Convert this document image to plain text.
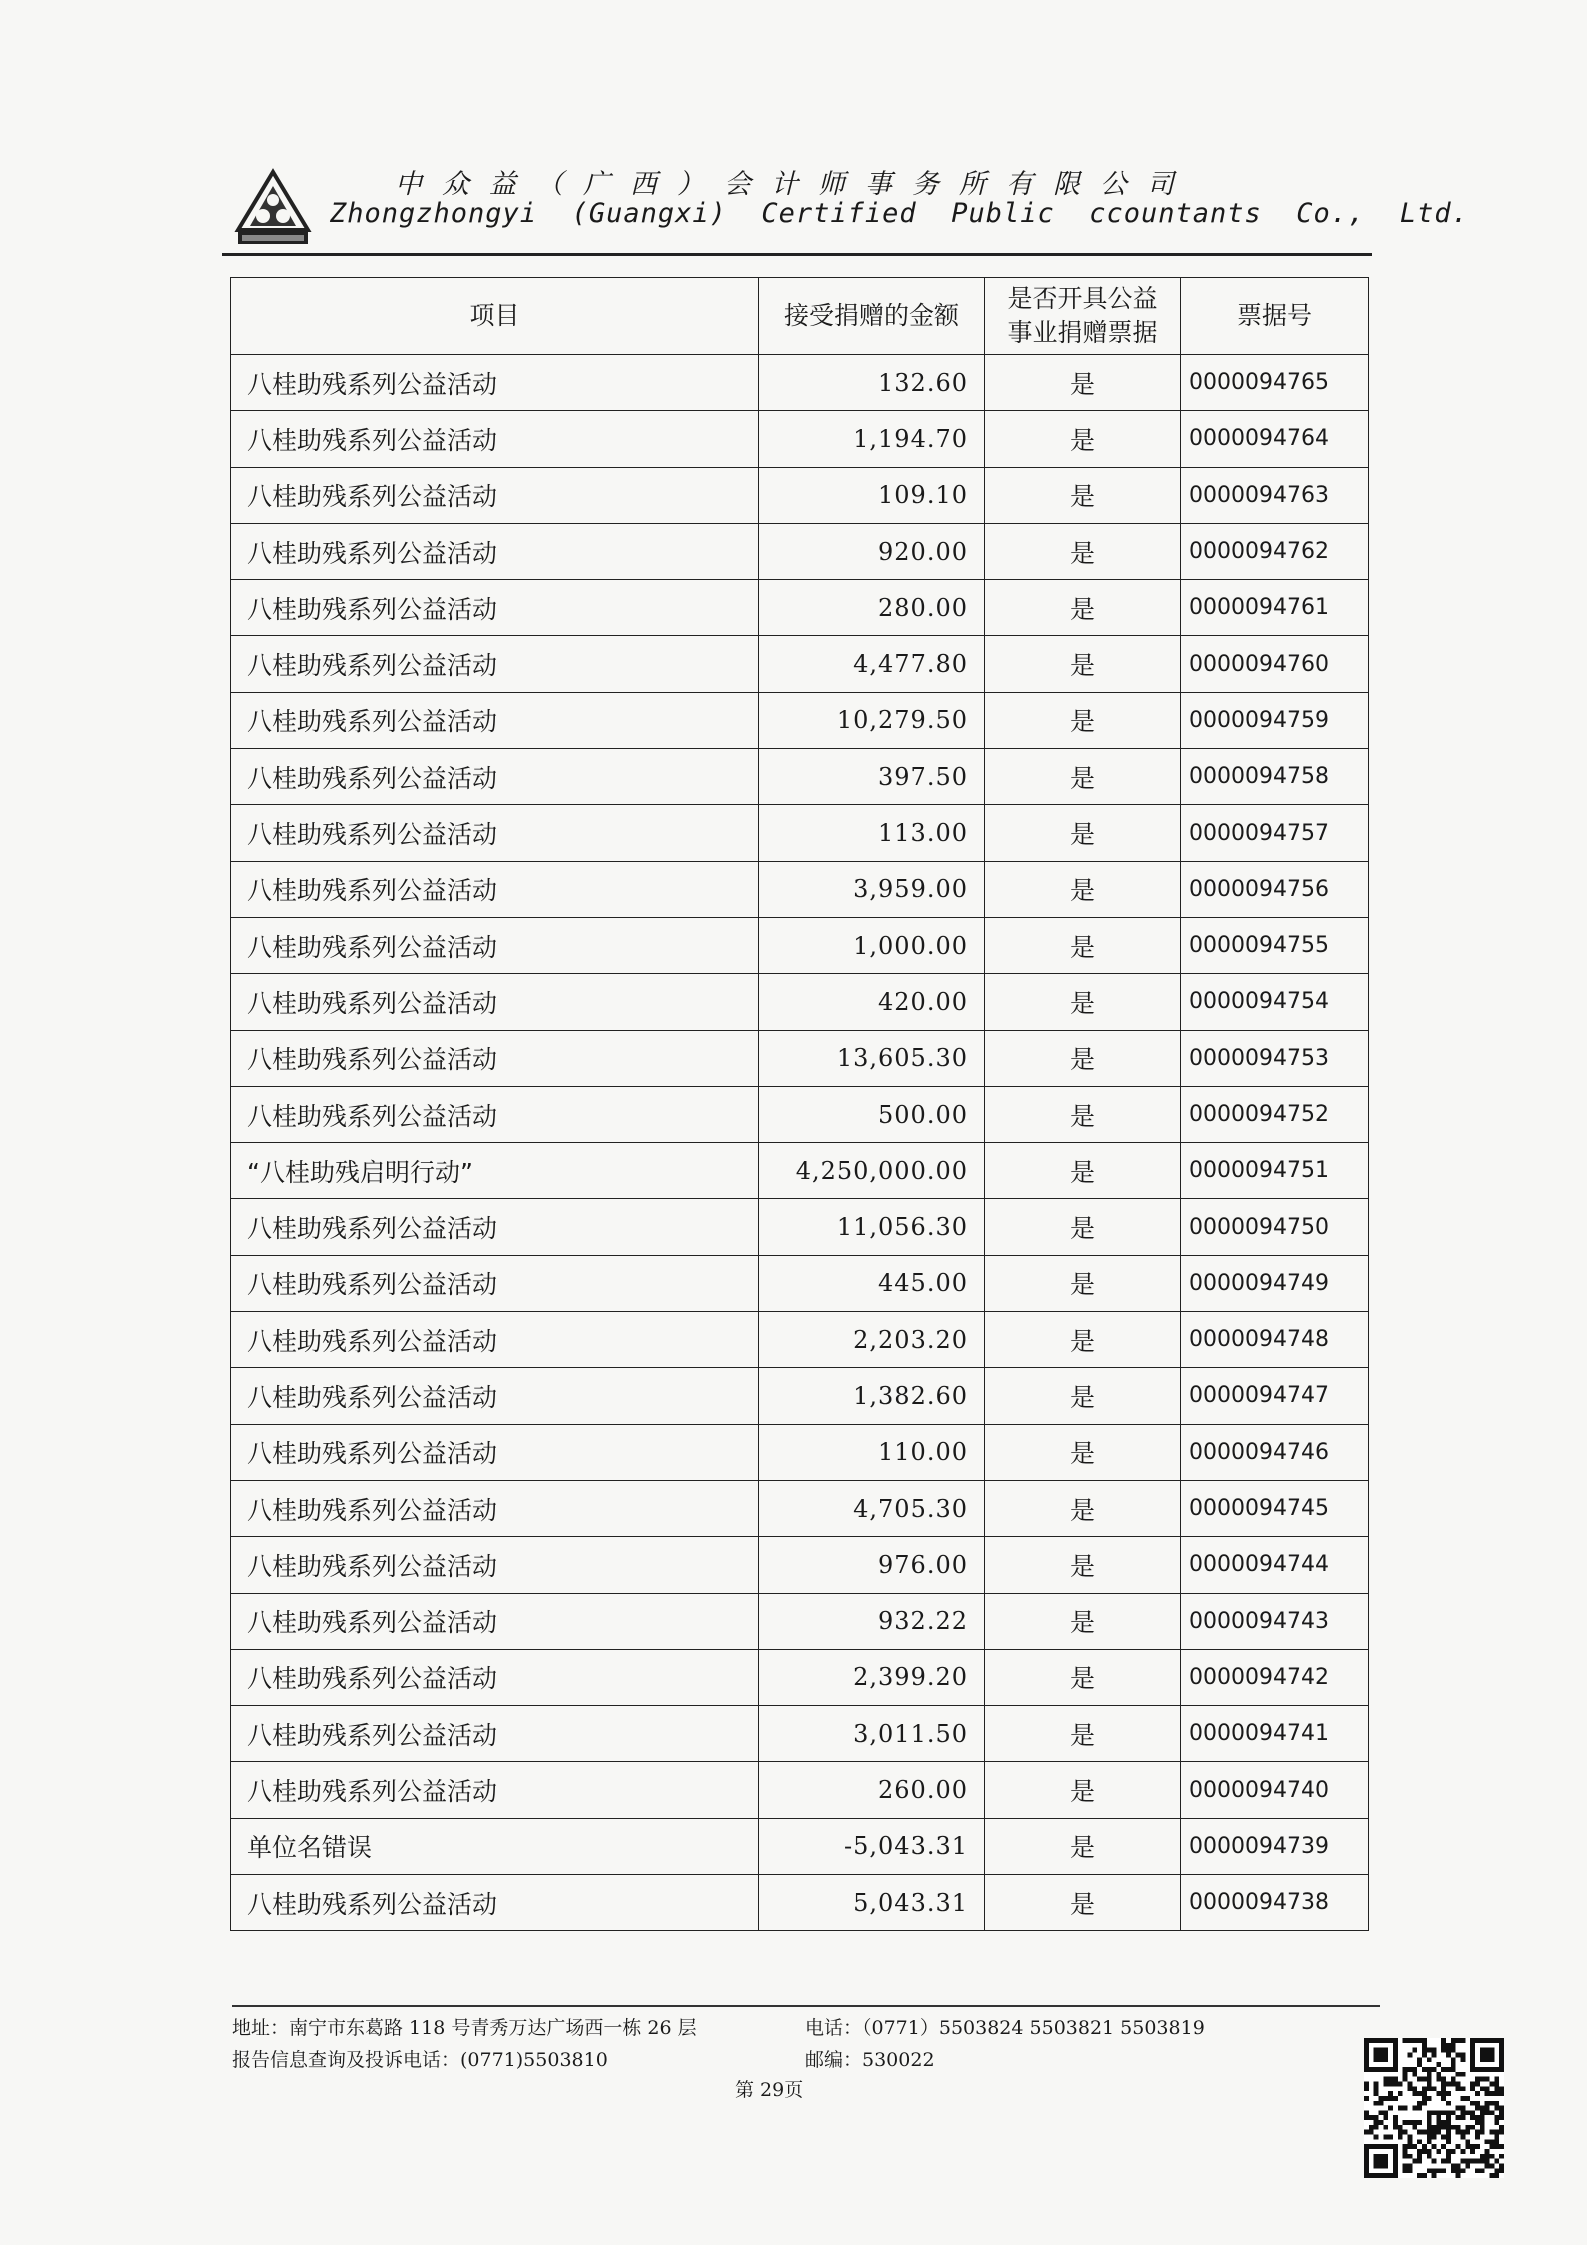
中众益（广西）会计师事务所有限公司
Zhongzhongyi  (Guangxi)  Certified  Public  ccountants  Co.,  Ltd.
项目	接受捐赠的金额	是否开具公益事业捐赠票据	票据号
八桂助残系列公益活动	132.60	是	0000094765
八桂助残系列公益活动	1,194.70	是	0000094764
八桂助残系列公益活动	109.10	是	0000094763
八桂助残系列公益活动	920.00	是	0000094762
八桂助残系列公益活动	280.00	是	0000094761
八桂助残系列公益活动	4,477.80	是	0000094760
八桂助残系列公益活动	10,279.50	是	0000094759
八桂助残系列公益活动	397.50	是	0000094758
八桂助残系列公益活动	113.00	是	0000094757
八桂助残系列公益活动	3,959.00	是	0000094756
八桂助残系列公益活动	1,000.00	是	0000094755
八桂助残系列公益活动	420.00	是	0000094754
八桂助残系列公益活动	13,605.30	是	0000094753
八桂助残系列公益活动	500.00	是	0000094752
“八桂助残启明行动”	4,250,000.00	是	0000094751
八桂助残系列公益活动	11,056.30	是	0000094750
八桂助残系列公益活动	445.00	是	0000094749
八桂助残系列公益活动	2,203.20	是	0000094748
八桂助残系列公益活动	1,382.60	是	0000094747
八桂助残系列公益活动	110.00	是	0000094746
八桂助残系列公益活动	4,705.30	是	0000094745
八桂助残系列公益活动	976.00	是	0000094744
八桂助残系列公益活动	932.22	是	0000094743
八桂助残系列公益活动	2,399.20	是	0000094742
八桂助残系列公益活动	3,011.50	是	0000094741
八桂助残系列公益活动	260.00	是	0000094740
单位名错误	-5,043.31	是	0000094739
八桂助残系列公益活动	5,043.31	是	0000094738
地址：南宁市东葛路 118 号青秀万达广场西一栋 26 层	电话：（0771）5503824 5503821 5503819
报告信息查询及投诉电话：(0771)5503810	邮编：530022
第 29页
